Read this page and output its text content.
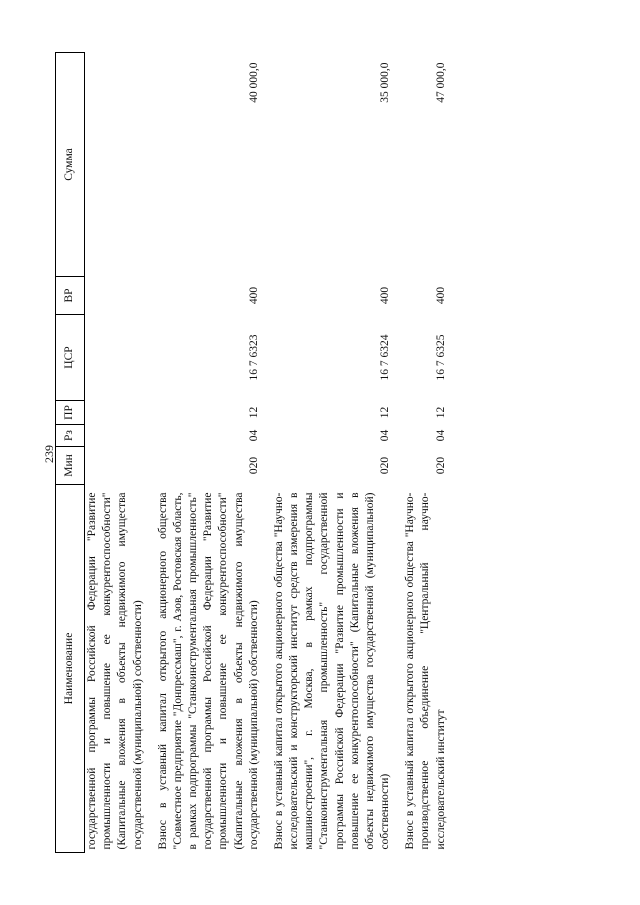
239
Наименование	Мин	Рз	ПР	ЦСР	ВР	Сумма
государственной программы Российской Федерации "Развитие промышленности и повышение ее конкурентоспособности" (Капитальные вложения в объекты недвижимого имущества государственной (муниципальной) собственности)						
Взнос в уставный капитал открытого акционерного общества "Совместное предприятие "Донпрессмаш", г. Азов, Ростовская область, в рамках подпрограммы "Станкоинструментальная промышленность" государственной программы Российской Федерации "Развитие промышленности и повышение ее конкурентоспособности" (Капитальные вложения в объекты недвижимого имущества государственной (муниципальной) собственности)	020	04	12	16 7 6323	400	40 000,0
Взнос в уставный капитал открытого акционерного общества "Научно-исследовательский и конструкторский институт средств измерения в машиностроении", г. Москва, в рамках подпрограммы "Станкоинструментальная промышленность" государственной программы Российской Федерации "Развитие промышленности и повышение ее конкурентоспособности" (Капитальные вложения в объекты недвижимого имущества государственной (муниципальной) собственности)	020	04	12	16 7 6324	400	35 000,0
Взнос в уставный капитал открытого акционерного общества "Научно-производственное объединение "Центральный научно-исследовательский институт	020	04	12	16 7 6325	400	47 000,0
